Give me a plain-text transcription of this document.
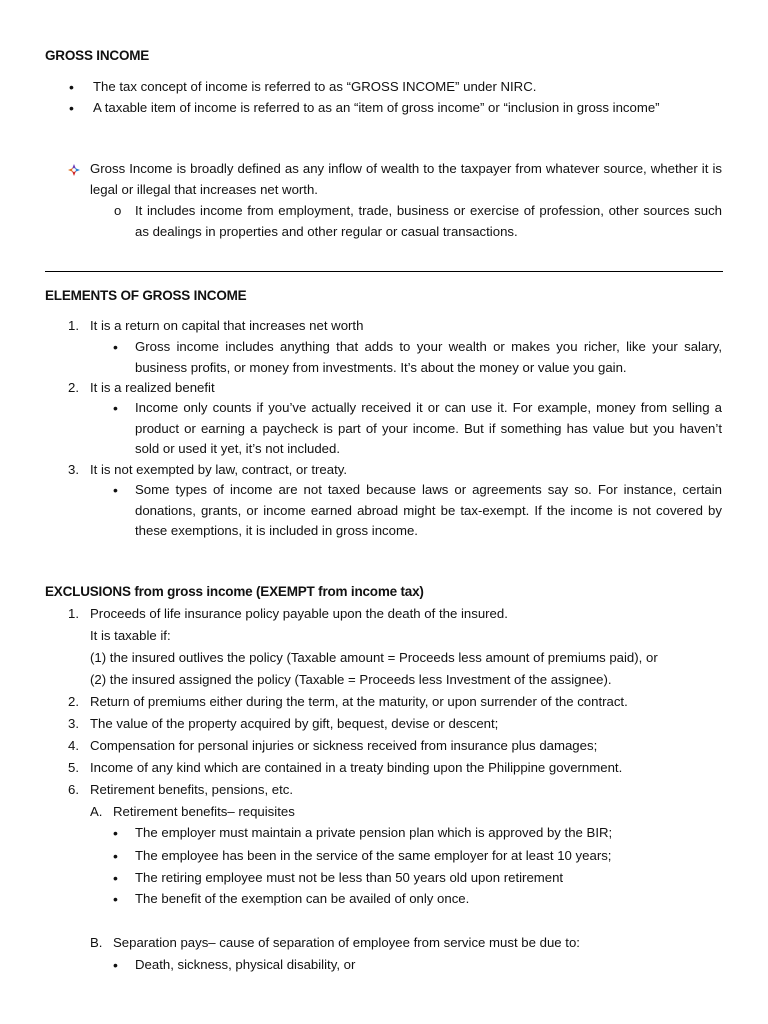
GROSS INCOME
• The tax concept of income is referred to as “GROSS INCOME” under NIRC.
• A taxable item of income is referred to as an “item of gross income” or “inclusion in gross income”
Gross Income is broadly defined as any inflow of wealth to the taxpayer from whatever source, whether it is legal or illegal that increases net worth.
o It includes income from employment, trade, business or exercise of profession, other sources such as dealings in properties and other regular or casual transactions.
ELEMENTS OF GROSS INCOME
1. It is a return on capital that increases net worth
• Gross income includes anything that adds to your wealth or makes you richer, like your salary, business profits, or money from investments. It’s about the money or value you gain.
2. It is a realized benefit
• Income only counts if you’ve actually received it or can use it. For example, money from selling a product or earning a paycheck is part of your income. But if something has value but you haven’t sold or used it yet, it’s not included.
3. It is not exempted by law, contract, or treaty.
• Some types of income are not taxed because laws or agreements say so. For instance, certain donations, grants, or income earned abroad might be tax-exempt. If the income is not covered by these exemptions, it is included in gross income.
EXCLUSIONS from gross income (EXEMPT from income tax)
1. Proceeds of life insurance policy payable upon the death of the insured.
It is taxable if:
(1) the insured outlives the policy (Taxable amount = Proceeds less amount of premiums paid), or
(2) the insured assigned the policy (Taxable = Proceeds less Investment of the assignee).
2. Return of premiums either during the term, at the maturity, or upon surrender of the contract.
3. The value of the property acquired by gift, bequest, devise or descent;
4. Compensation for personal injuries or sickness received from insurance plus damages;
5. Income of any kind which are contained in a treaty binding upon the Philippine government.
6. Retirement benefits, pensions, etc.
A. Retirement benefits– requisites
• The employer must maintain a private pension plan which is approved by the BIR;
• The employee has been in the service of the same employer for at least 10 years;
• The retiring employee must not be less than 50 years old upon retirement
• The benefit of the exemption can be availed of only once.
B. Separation pays– cause of separation of employee from service must be due to:
• Death, sickness, physical disability, or
